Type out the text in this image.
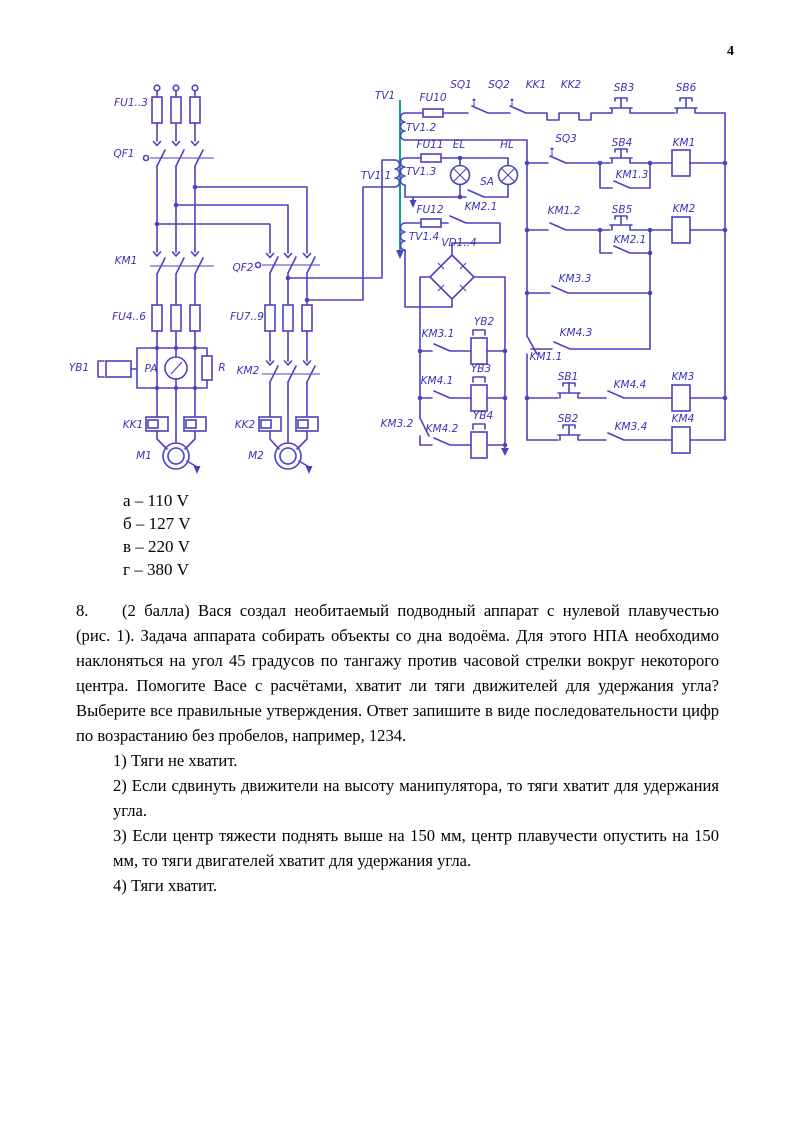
4
FU1..3
QF1
KM1
FU4..6
YB1	PA	R
KK1
M1
QF2
FU7..9
KM2
KK2
M2
TV1 FU10
TV1.2
TV1.1 TV1.3
FU11 EL	HL
SA
FU12 KM2.1
TV1.4 VD1..4
KM3.1
YB2
KM4.1
YB3
KM3.2 KM4.2
YB4
KM1.1
SQ1 SQ2 KK1 KK2	SB3	SB6
SQ3	SB4	KM1
KM1.3
KM1.2	SB5	KM2
KM2.1
KM3.3
KM4.3
SB1
KM4.4
KM3
SB2
KM3.4
KM4
а – 110 V
б – 127 V
в – 220 V
г – 380 V

8. (2 балла) Вася создал необитаемый подводный аппарат с нулевой плавучестью (рис. 1). Задача аппарата собирать объекты со дна водоёма. Для этого НПА необходимо наклоняться на угол 45 градусов по тангажу против часовой стрелки вокруг некоторого центра. Помогите Васе с расчётами, хватит ли тяги движителей для удержания угла? Выберите все правильные утверждения. Ответ запишите в виде последовательности цифр по возрастанию без пробелов, например, 1234.

1) Тяги не хватит.
2) Если сдвинуть движители на высоту манипулятора, то тяги хватит для удержания угла.
3) Если центр тяжести поднять выше на 150 мм, центр плавучести опустить на 150 мм, то тяги двигателей хватит для удержания угла.
4) Тяги хватит.
